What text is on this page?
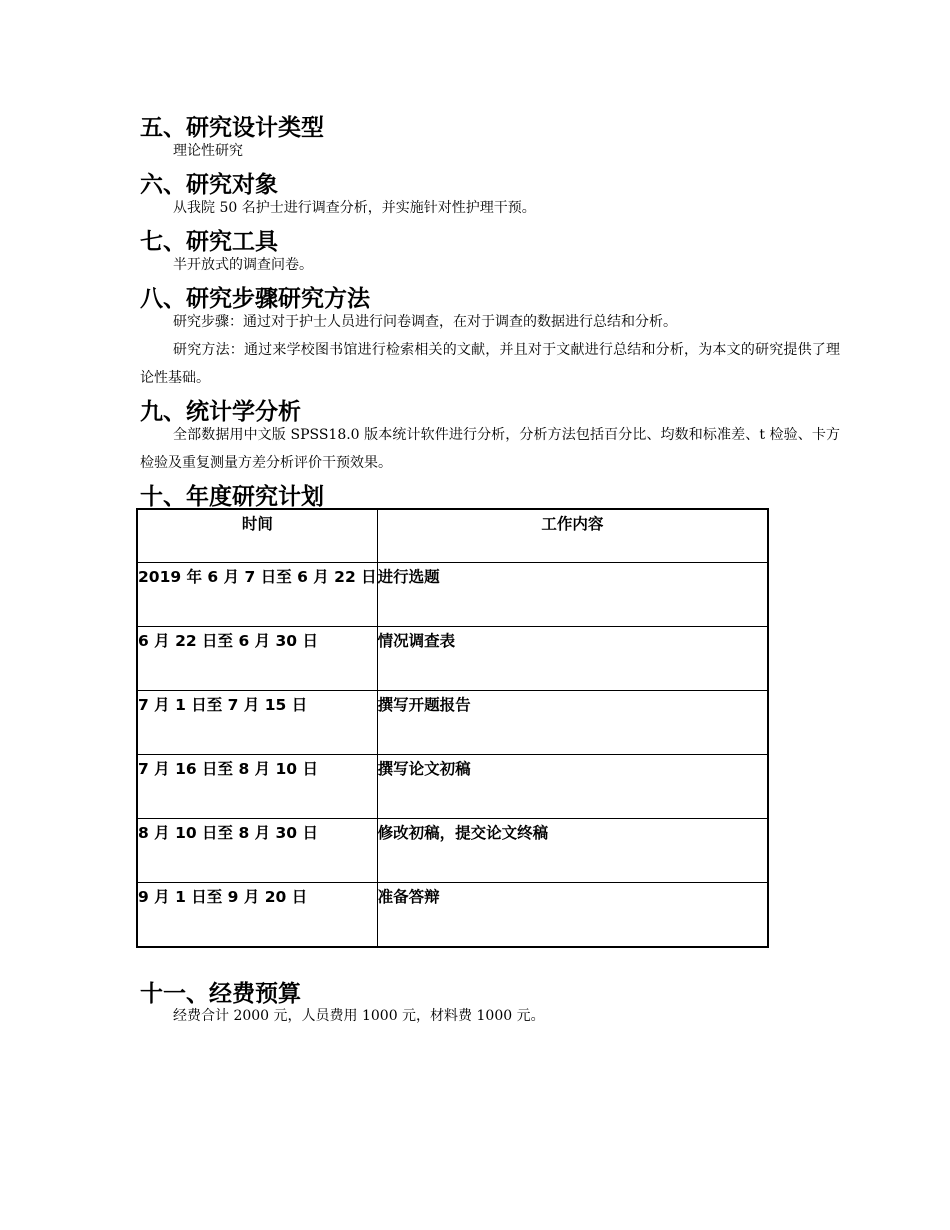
五、研究设计类型
理论性研究
六、研究对象
从我院 50 名护士进行调查分析，并实施针对性护理干预。
七、研究工具
半开放式的调查问卷。
八、研究步骤研究方法
研究步骤：通过对于护士人员进行问卷调查，在对于调查的数据进行总结和分析。
研究方法：通过来学校图书馆进行检索相关的文献，并且对于文献进行总结和分析，为本文的研究提供了理论性基础。
九、统计学分析
全部数据用中文版 SPSS18.0 版本统计软件进行分析，分析方法包括百分比、均数和标准差、t 检验、卡方检验及重复测量方差分析评价干预效果。
十、年度研究计划
时间	工作内容
2019 年 6 月 7 日至 6 月 22 日	进行选题
6 月 22 日至 6 月 30 日	情况调查表
7 月 1 日至 7 月 15 日	撰写开题报告
7 月 16 日至 8 月 10 日	撰写论文初稿
8 月 10 日至 8 月 30 日	修改初稿，提交论文终稿
9 月 1 日至 9 月 20 日	准备答辩
十一、经费预算
经费合计 2000 元，人员费用 1000 元，材料费 1000 元。
